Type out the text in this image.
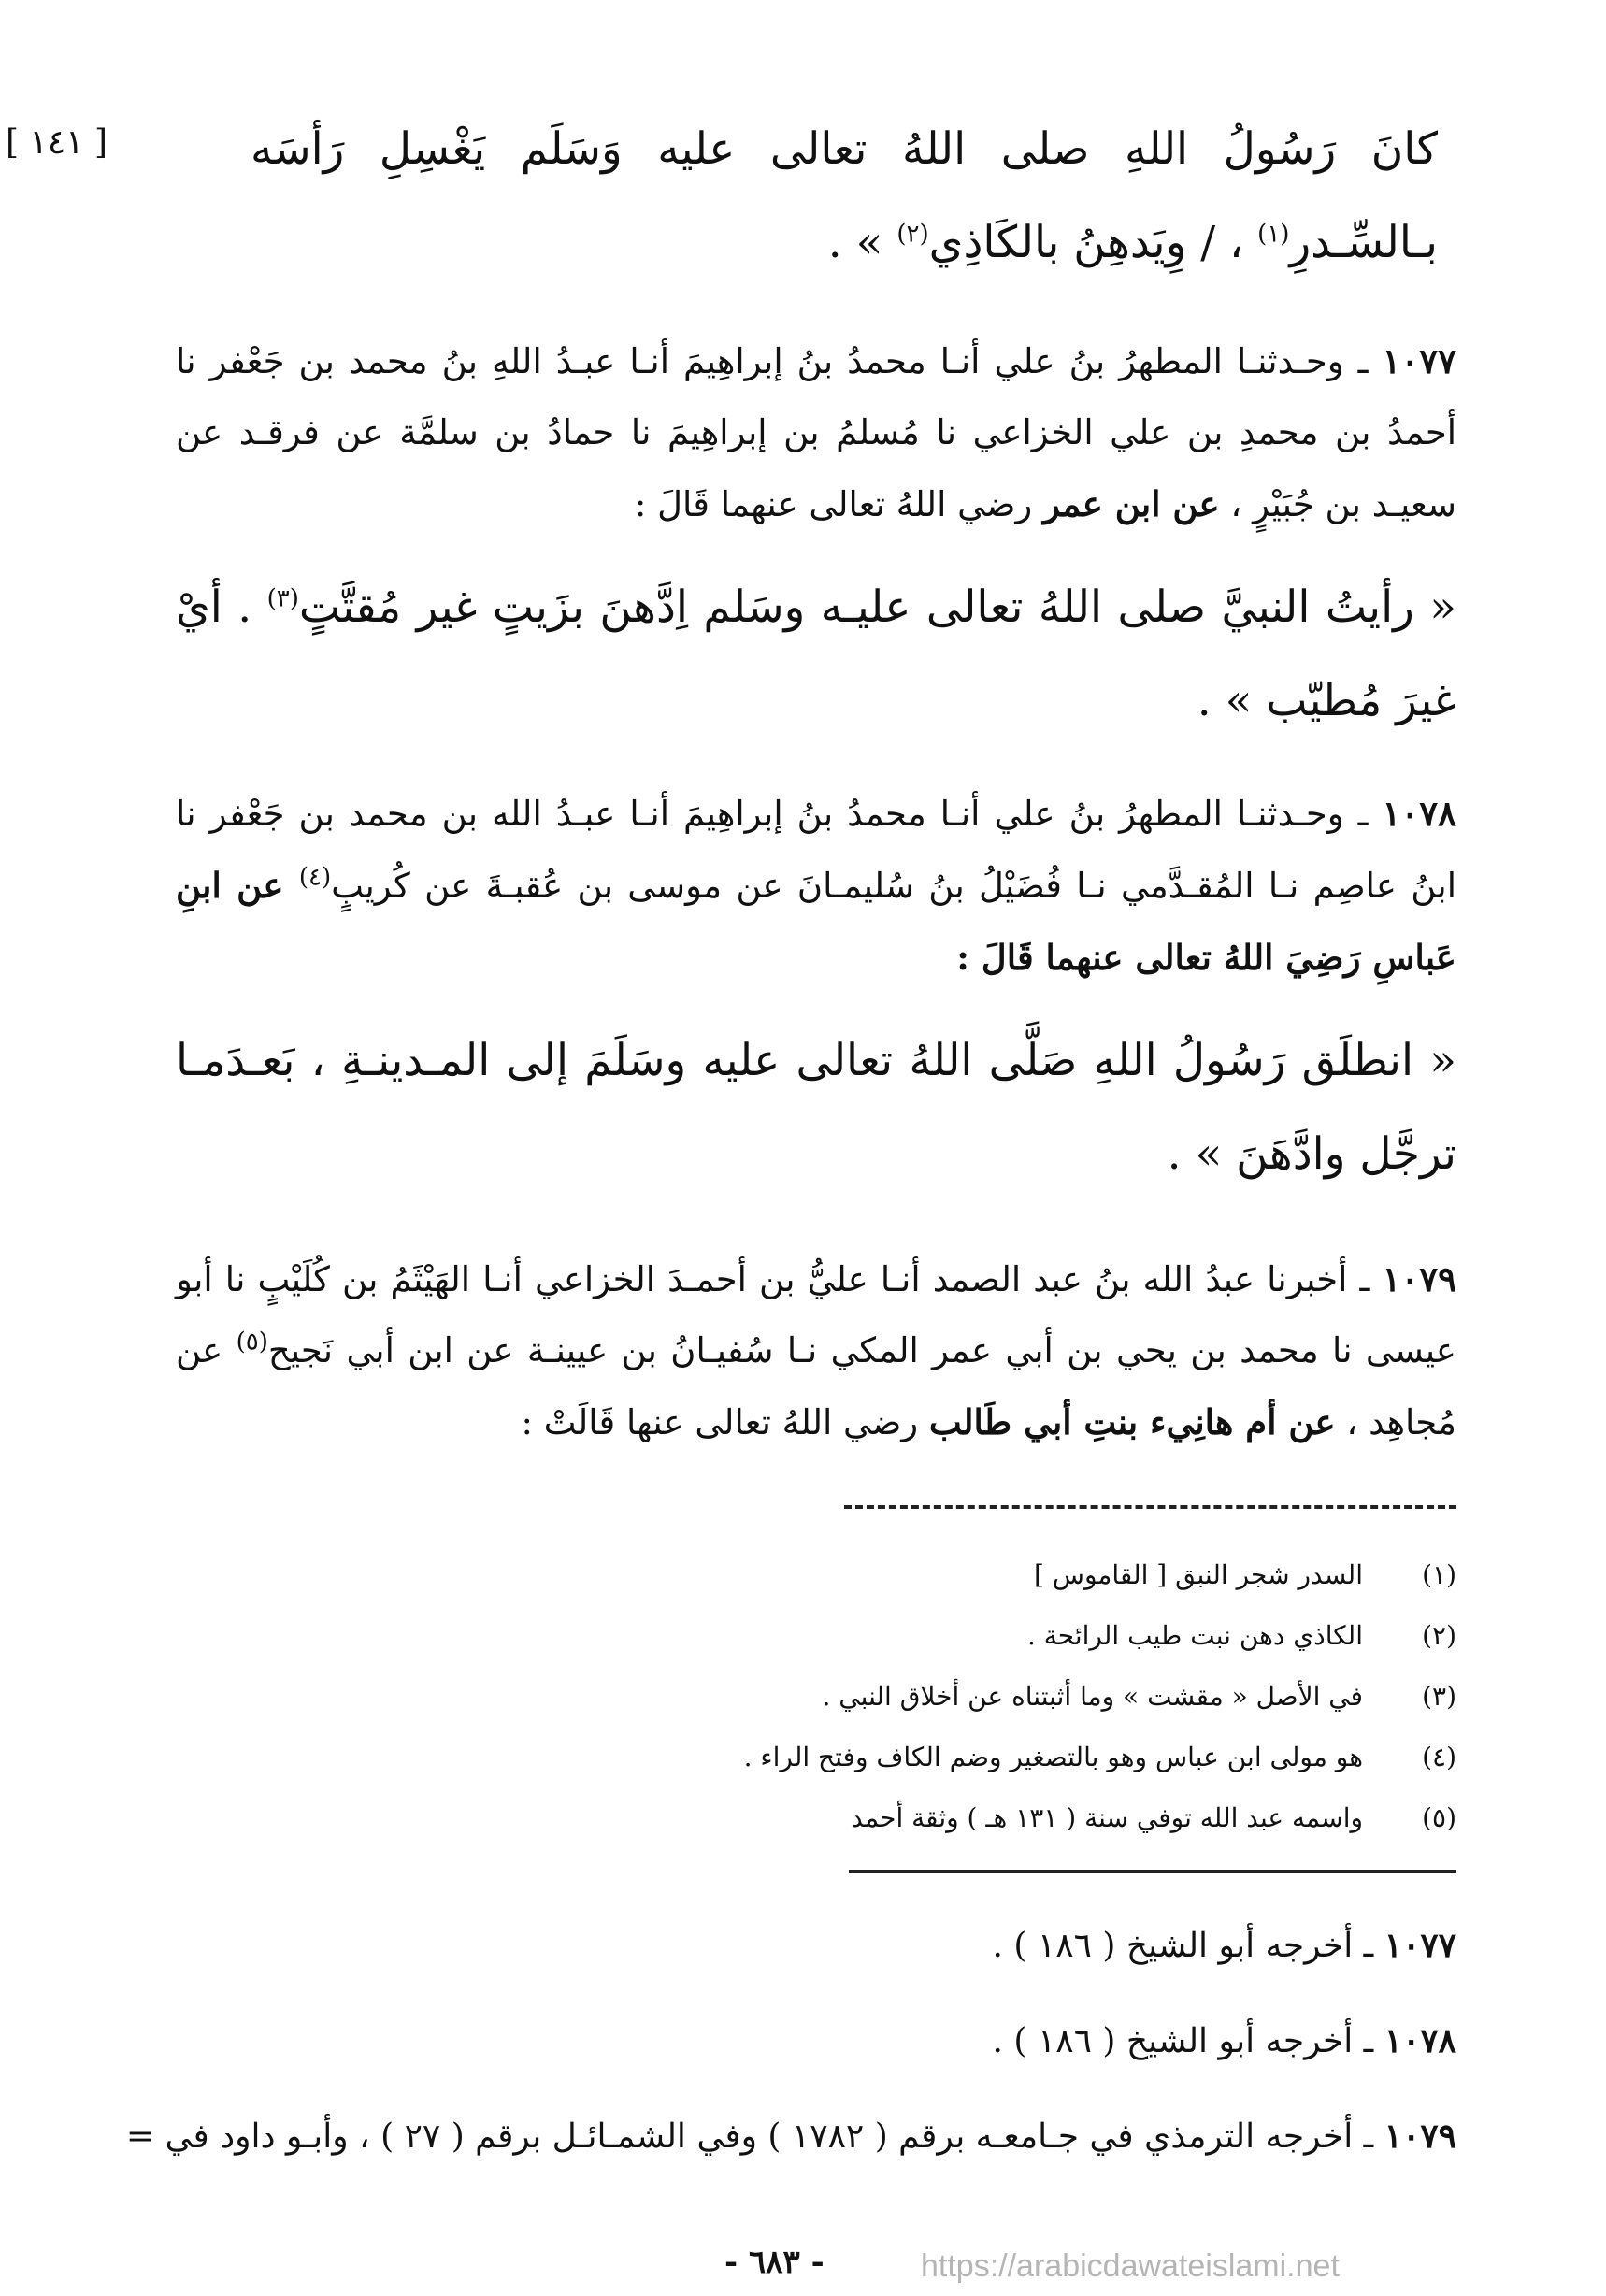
[ ١٤١ ]	كانَ رَسُولُ اللهِ صلى اللهُ تعالى عليه وَسَلَم يَغْسِلِ رَأسَه بـالسِّـدرِ$^{(١)}$ ، / وِيَدهِنُ بالكَاذِي$^{(٢)}$ » .
١٠٧٧ ـ وحـدثنـا المطهرُ بنُ علي أنـا محمدُ بنُ إبراهِيمَ أنـا عبـدُ اللهِ بنُ محمد بن جَعْفر نا أحمدُ بن محمدِ بن علي الخزاعي نا مُسلمُ بن إبراهِيمَ نا حمادُ بن سلمَّة عن فرقـد عن سعيـد بن جُبَيْرٍ ، عن ابن عمر رضي اللهُ تعالى عنهما قَالَ :
« رأيتُ النبيَّ صلى اللهُ تعالى عليـه وسَلم اِدَّهنَ بزَيتٍ غير مُقتَّتٍ$^{(٣)}$ . أيْ غيرَ مُطيّب » .
١٠٧٨ ـ وحـدثنـا المطهرُ بنُ علي أنـا محمدُ بنُ إبراهِيمَ أنـا عبـدُ الله بن محمد بن جَعْفر نا ابنُ عاصِم نـا المُقـدَّمي نـا فُضَيْلُ بنُ سُليمـانَ عن موسى بن عُقبـةَ عن كُريبٍ$^{(٤)}$ عن ابنِ عَباسِ رَضِيَ اللهُ تعالى عنهما قَالَ :
« انطلَق رَسُولُ اللهِ صَلَّى اللهُ تعالى عليه وسَلَمَ إلى المـدينـةِ ، بَعـدَمـا ترجَّل وادَّهَنَ » .
١٠٧٩ ـ أخبرنا عبدُ الله بنُ عبد الصمد أنـا عليُّ بن أحمـدَ الخزاعي أنـا الهَيْثَمُ بن كُلَيْبٍ نا أبو عيسى نا محمد بن يحي بن أبي عمر المكي نـا سُفيـانُ بن عيينـة عن ابن أبي نَجيح$^{(٥)}$ عن مُجاهِد ، عن أم هانِيء بنتِ أبي طَالب رضي اللهُ تعالى عنها قَالَتْ :
(١)
السدر شجر النبق [ القاموس ]
(٢)
الكاذي دهن نبت طيب الرائحة .
(٣)
في الأصل « مقشت » وما أثبتناه عن أخلاق النبي .
(٤)
هو مولى ابن عباس وهو بالتصغير وضم الكاف وفتح الراء .
(٥)
واسمه عبد الله توفي سنة ( ١٣١ هـ ) وثقة أحمد
١٠٧٧ ـ أخرجه أبو الشيخ ( ١٨٦ ) .
١٠٧٨ ـ أخرجه أبو الشيخ ( ١٨٦ ) .
١٠٧٩ ـ أخرجه الترمذي في جـامعـه برقم ( ١٧٨٢ ) وفي الشمـائـل برقم ( ٢٧ ) ، وأبـو داود في =
- ٦٨٣ -	https://arabicdawateislami.net
